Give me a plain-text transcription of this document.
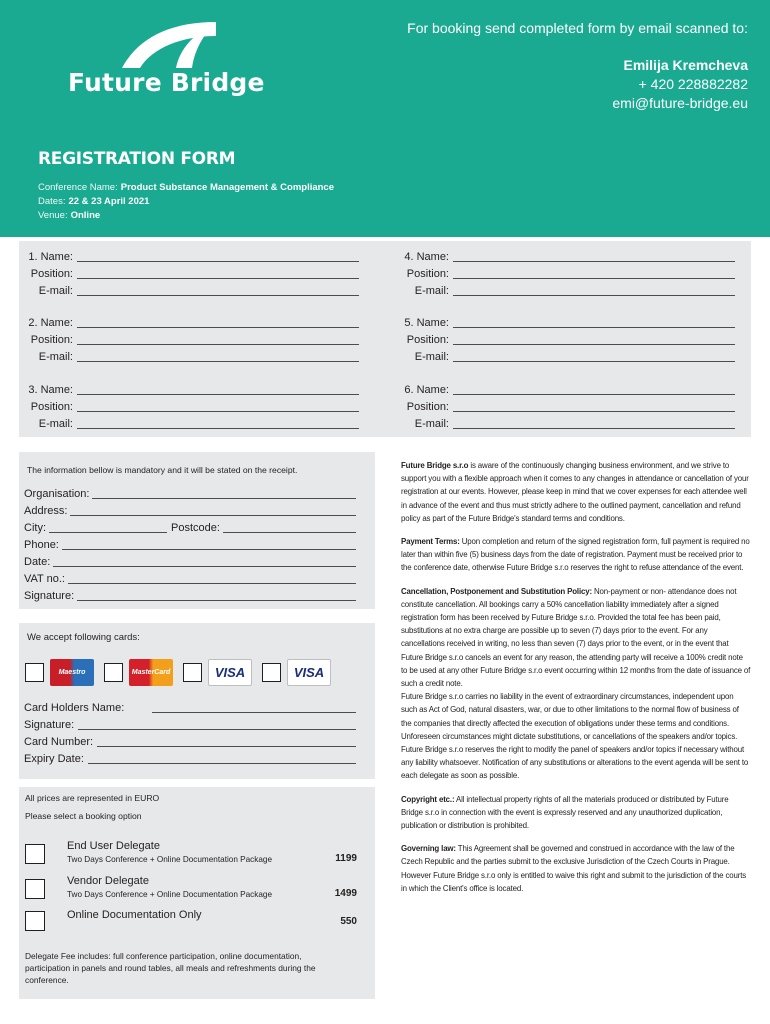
Future Bridge
For booking send completed form by email scanned to:
Emilija Kremcheva
+ 420 228882282
emi@future-bridge.eu
REGISTRATION FORM
Conference Name: Product Substance Management & Compliance
Dates: 22 & 23 April 2021
Venue: Online
1. Name:
Position:
E-mail:
2. Name:
Position:
E-mail:
3. Name:
Position:
E-mail:
4. Name:
Position:
E-mail:
5. Name:
Position:
E-mail:
6. Name:
Position:
E-mail:
The information bellow is mandatory and it will be stated on the receipt.
Organisation:
Address:
City:	Postcode:
Phone:
Date:
VAT no.:
Signature:
We accept following cards:
Maestro	MasterCard	VISA	VISA
Card Holders Name:
Signature:
Card Number:
Expiry Date:
All prices are represented in EURO
Please select a booking option
End User Delegate
Two Days Conference + Online Documentation Package	1199
Vendor Delegate
Two Days Conference + Online Documentation Package	1499
Online Documentation Only
550
Delegate Fee includes: full conference participation, online documentation, participation in panels and round tables, all meals and refreshments during the conference.

Future Bridge s.r.o is aware of the continuously changing business environment, and we strive to support you with a flexible approach when it comes to any changes in attendance or cancellation of your registration at our events. However, please keep in mind that we cover expenses for each attendee well in advance of the event and thus must strictly adhere to the outlined payment, cancellation and refund policy as part of the Future Bridge's standard terms and conditions.

Payment Terms: Upon completion and return of the signed registration form, full payment is required no later than within five (5) business days from the date of registration. Payment must be received prior to the conference date, otherwise Future Bridge s.r.o reserves the right to refuse attendance of the event.

Cancellation, Postponement and Substitution Policy: Non-payment or non- attendance does not constitute cancellation. All bookings carry a 50% cancellation liability immediately after a signed registration form has been received by Future Bridge s.r.o. Provided the total fee has been paid, substitutions at no extra charge are possible up to seven (7) days prior to the event. For any cancellations received in writing, no less than seven (7) days prior to the event, or in the event that Future Bridge s.r.o cancels an event for any reason, the attending party will receive a 100% credit note to be used at any other Future Bridge s.r.o event occurring within 12 months from the date of issuance of such a credit note.

Future Bridge s.r.o carries no liability in the event of extraordinary circumstances, independent upon such as Act of God, natural disasters, war, or due to other limitations to the normal flow of business of the companies that directly affected the execution of obligations under these terms and conditions.

Unforeseen circumstances might dictate substitutions, or cancellations of the speakers and/or topics.

Future Bridge s.r.o reserves the right to modify the panel of speakers and/or topics if necessary without any liability whatsoever. Notification of any substitutions or alterations to the event agenda will be sent to each delegate as soon as possible.

Copyright etc.: All intellectual property rights of all the materials produced or distributed by Future Bridge s.r.o in connection with the event is expressly reserved and any unauthorized duplication, publication or distribution is prohibited.

Governing law: This Agreement shall be governed and construed in accordance with the law of the Czech Republic and the parties submit to the exclusive Jurisdiction of the Czech Courts in Prague. However Future Bridge s.r.o only is entitled to waive this right and submit to the jurisdiction of the courts in which the Client's office is located.
